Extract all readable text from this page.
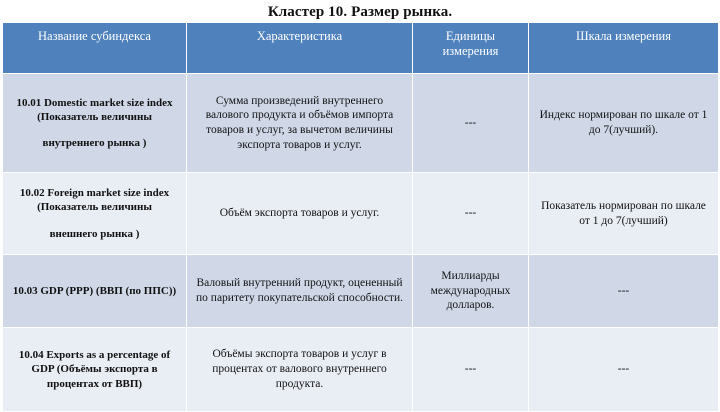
Кластер 10. Размер рынка.
Название субиндекса	Характеристика	Единицы измерения	Шкала измерения
10.01 Domestic market size index (Показатель величины
внутреннего рынка )	Сумма произведений внутреннего валового продукта и объёмов импорта товаров и услуг, за вычетом величины экспорта товаров и услуг.	---	Индекс нормирован по шкале от 1 до 7(лучший).
10.02 Foreign market size index (Показатель величины
внешнего рынка )	Объём экспорта товаров и услуг.	---	Показатель нормирован по шкале от 1 до 7(лучший)
10.03 GDP (PPP) (ВВП (по ППС))	Валовый внутренний продукт, оцененный по паритету покупательской способности.	Миллиарды международных долларов.	---
10.04 Exports as a percentage of GDP (Объёмы экспорта в процентах от ВВП)	Объёмы экспорта товаров и услуг в процентах от валового внутреннего продукта.	---	---
